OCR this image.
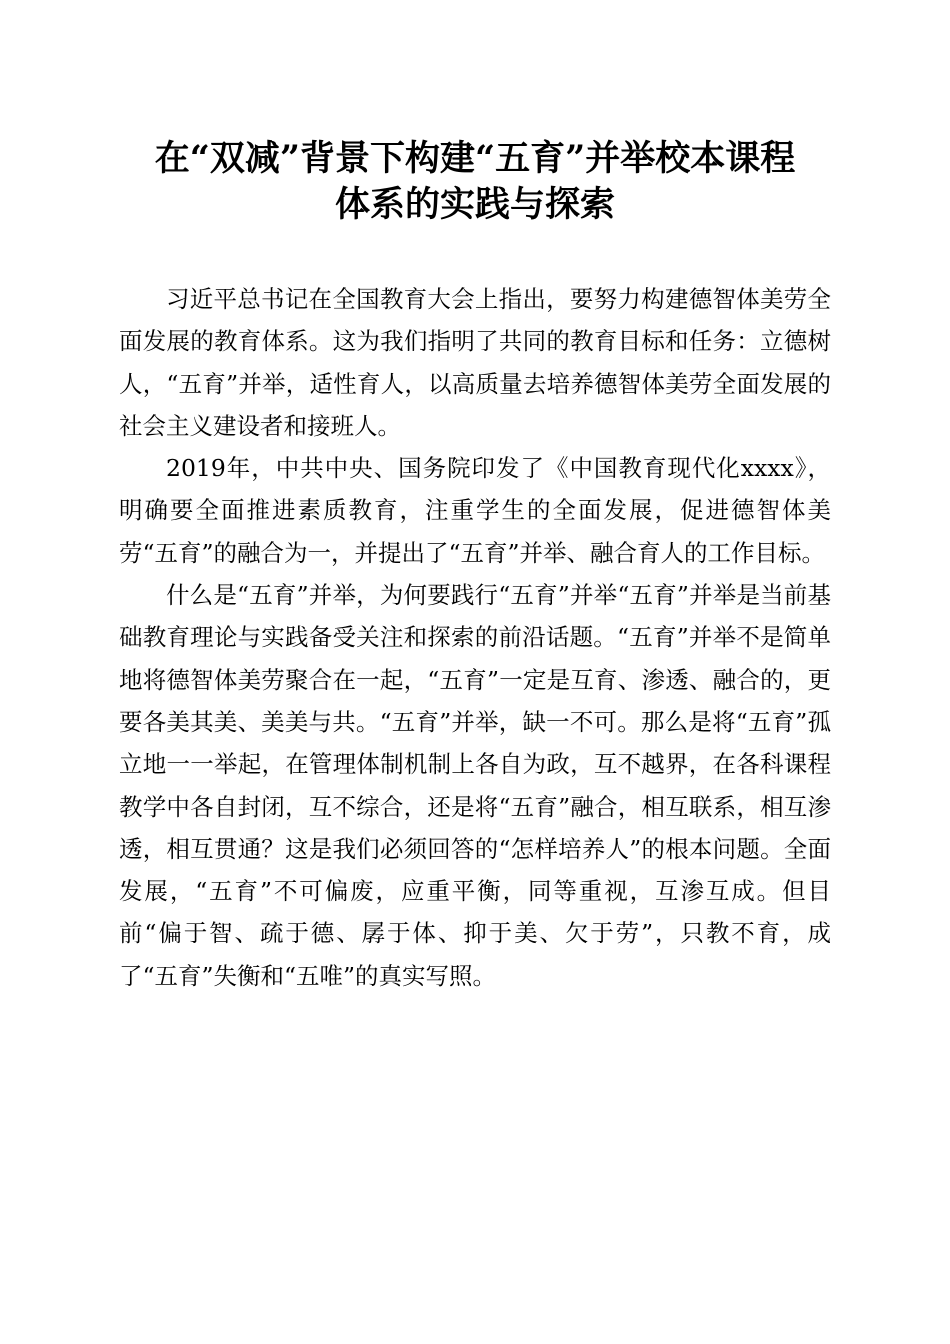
在“双减”背景下构建“五育”并举校本课程
体系的实践与探索

习近平总书记在全国教育大会上指出，要努力构建德智体美劳全面发展的教育体系。这为我们指明了共同的教育目标和任务：立德树人，“五育”并举，适性育人，以高质量去培养德智体美劳全面发展的社会主义建设者和接班人。

2019年，中共中央、国务院印发了《中国教育现代化xxxx》，明确要全面推进素质教育，注重学生的全面发展，促进德智体美劳“五育”的融合为一，并提出了“五育”并举、融合育人的工作目标。

什么是“五育”并举，为何要践行“五育”并举“五育”并举是当前基础教育理论与实践备受关注和探索的前沿话题。“五育”并举不是简单地将德智体美劳聚合在一起，“五育”一定是互育、渗透、融合的，更要各美其美、美美与共。“五育”并举，缺一不可。那么是将“五育”孤立地一一举起，在管理体制机制上各自为政，互不越界，在各科课程教学中各自封闭，互不综合，还是将“五育”融合，相互联系，相互渗透，相互贯通？这是我们必须回答的“怎样培养人”的根本问题。全面发展，“五育”不可偏废，应重平衡，同等重视，互渗互成。但目前“偏于智、疏于德、孱于体、抑于美、欠于劳”，只教不育，成了“五育”失衡和“五唯”的真实写照。
